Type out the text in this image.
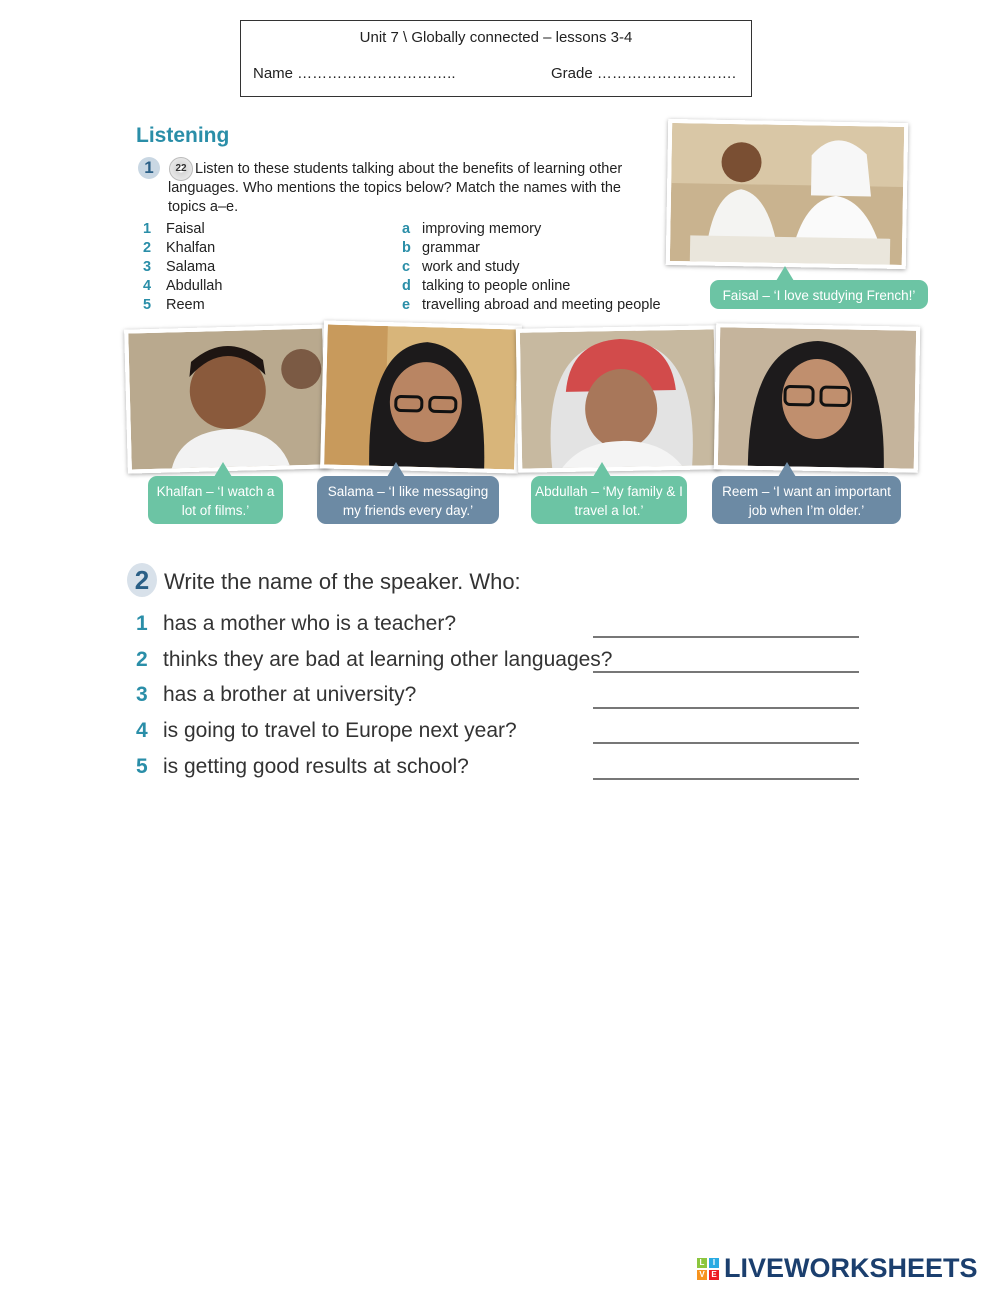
Unit 7 \ Globally connected – lessons 3-4
Name …………………………..	Grade ……………………….
Listening
1	22 Listen to these students talking about the benefits of learning other languages. Who mentions the topics below? Match the names with the topics a–e.
1 Faisal
2 Khalfan
3 Salama
4 Abdullah
5 Reem
a improving memory
b grammar
c work and study
d talking to people online
e travelling abroad and meeting people
Faisal – ‘I love studying French!’
Khalfan – ‘I watch a lot of films.’
Salama – ‘I like messaging my friends every day.’
Abdullah – ‘My family & I travel a lot.’
Reem – ‘I want an important job when I’m older.’
2 Write the name of the speaker. Who:
1 has a mother who is a teacher?
2 thinks they are bad at learning other languages?
3 has a brother at university?
4 is going to travel to Europe next year?
5 is getting good results at school?
L	I
V E LIVEWORKSHEETS
